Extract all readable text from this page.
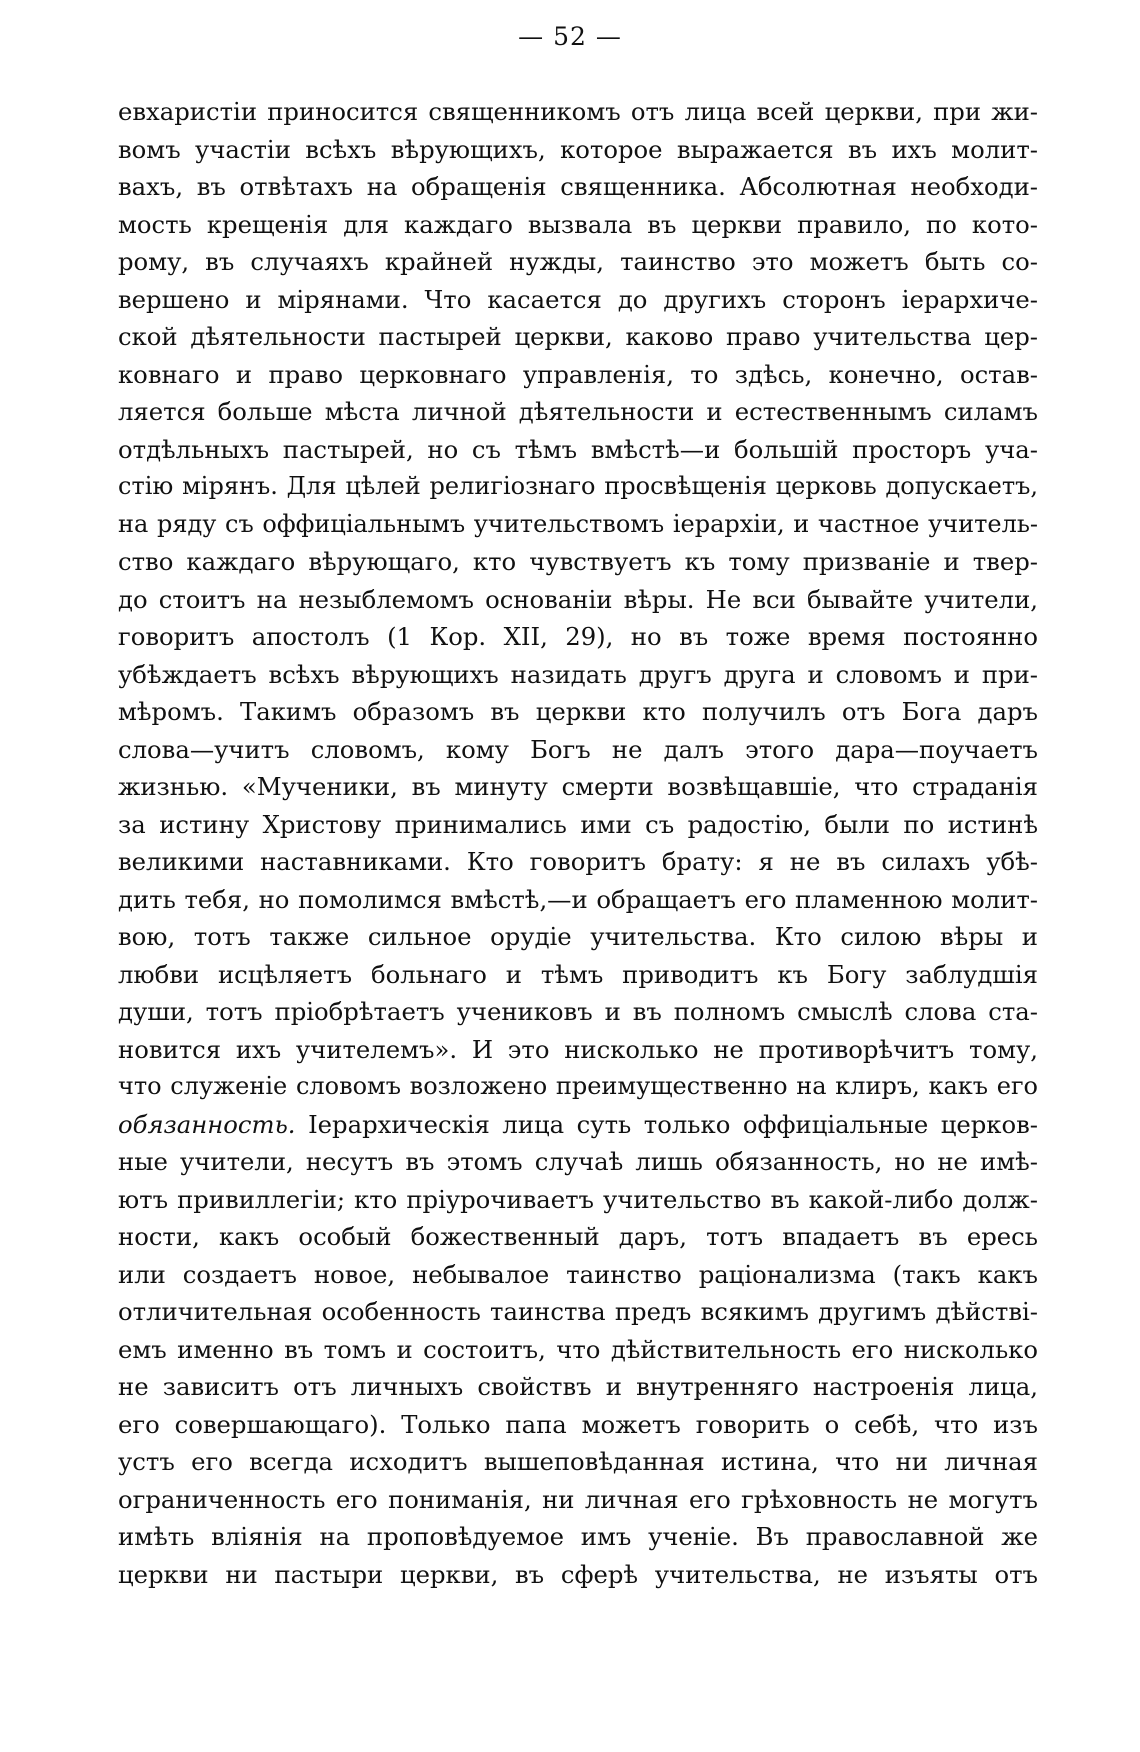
— 52 —
евхаристіи приносится священникомъ отъ лица всей церкви, при жи-
вомъ участіи всѣхъ вѣрующихъ, которое выражается въ ихъ молит-
вахъ, въ отвѣтахъ на обращенія священника. Абсолютная необходи-
мость крещенія для каждаго вызвала въ церкви правило, по кото-
рому, въ случаяхъ крайней нужды, таинство это можетъ быть со-
вершено и міpянами. Что касается до другихъ сторонъ іерархиче-
ской дѣятельности пастырей церкви, каково право учительства цер-
ковнаго и право церковнаго управленія, то здѣсь, конечно, остав-
ляется больше мѣста личной дѣятельности и естественнымъ силамъ
отдѣльныхъ пастырей, но съ тѣмъ вмѣстѣ—и большій просторъ уча-
стію міpянъ. Для цѣлей религіознаго просвѣщенія церковь допускаетъ,
на ряду съ оффиціальнымъ учительствомъ іерархіи, и частное учитель-
ство каждаго вѣрующаго, кто чувствуетъ къ тому призваніе и твер-
до стоитъ на незыблемомъ основаніи вѣры. Не вси бывайте учители,
говоритъ апостолъ (1 Кор. XII, 29), но въ тоже время постоянно
убѣждаетъ всѣхъ вѣрующихъ назидать другъ друга и словомъ и при-
мѣромъ. Такимъ образомъ въ церкви кто получилъ отъ Бога даръ
слова—учитъ словомъ, кому Богъ не далъ этого дара—поучаетъ
жизнью. «Мученики, въ минуту смерти возвѣщавшіе, что страданія
за истину Христову принимались ими съ радостію, были по истинѣ
великими наставниками. Кто говоритъ брату: я не въ силахъ убѣ-
дить тебя, но помолимся вмѣстѣ,—и обращаетъ его пламенною молит-
вою, тотъ также сильное орудіе учительства. Кто силою вѣры и
любви исцѣляетъ больнаго и тѣмъ приводитъ къ Богу заблудшія
души, тотъ пріобрѣтаетъ учениковъ и въ полномъ смыслѣ слова ста-
новится ихъ учителемъ». И это нисколько не противорѣчитъ тому,
что служеніе словомъ возложено преимущественно на клиръ, какъ его
обязанность. Іерархическія лица суть только оффиціальные церков-
ные учители, несутъ въ этомъ случаѣ лишь обязанность, но не имѣ-
ютъ привиллегіи; кто пріурочиваетъ учительство въ какой-либо долж-
ности, какъ особый божественный даръ, тотъ впадаетъ въ ересь
или создаетъ новое, небывалое таинство раціонализма (такъ какъ
отличительная особенность таинства предъ всякимъ другимъ дѣйстві-
емъ именно въ томъ и состоитъ, что дѣйствительность его нисколько
не зависитъ отъ личныхъ свойствъ и внутренняго настроенія лица,
его совершающаго). Только папа можетъ говорить о себѣ, что изъ
устъ его всегда исходитъ вышеповѣданная истина, что ни личная
ограниченность его пониманія, ни личная его грѣховность не могутъ
имѣть вліянія на проповѣдуемое имъ ученіе. Въ православной же
церкви ни пастыри церкви, въ сферѣ учительства, не изъяты отъ
